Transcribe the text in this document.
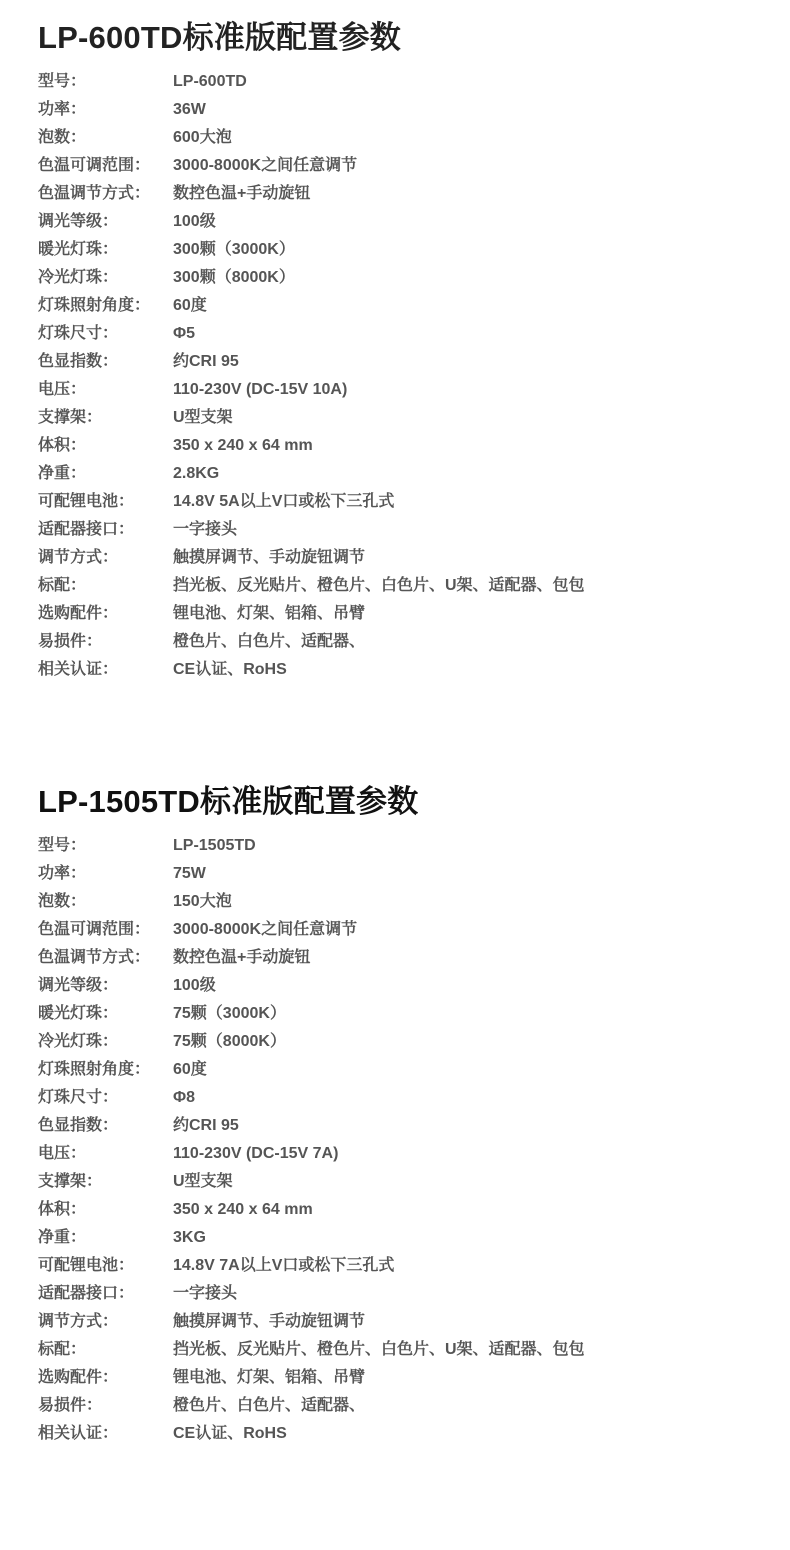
LP-600TD标准版配置参数
型号：	LP-600TD
功率：	36W
泡数：	600大泡
色温可调范围：	3000-8000K之间任意调节
色温调节方式：	数控色温+手动旋钮
调光等级：	100级
暖光灯珠：	300颗（3000K）
冷光灯珠：	300颗（8000K）
灯珠照射角度：	60度
灯珠尺寸：	Φ5
色显指数：	约CRI 95
电压：	110-230V (DC-15V 10A)
支撑架：	U型支架
体积：	350 x 240 x 64 mm
净重：	2.8KG
可配锂电池：	14.8V 5A以上V口或松下三孔式
适配器接口：	一字接头
调节方式：	触摸屏调节、手动旋钮调节
标配：	挡光板、反光贴片、橙色片、白色片、U架、适配器、包包
选购配件：	锂电池、灯架、铝箱、吊臂
易损件：	橙色片、白色片、适配器、
相关认证：	CE认证、RoHS
LP-1505TD标准版配置参数
型号：	LP-1505TD
功率：	75W
泡数：	150大泡
色温可调范围：	3000-8000K之间任意调节
色温调节方式：	数控色温+手动旋钮
调光等级：	100级
暖光灯珠：	75颗（3000K）
冷光灯珠：	75颗（8000K）
灯珠照射角度：	60度
灯珠尺寸：	Φ8
色显指数：	约CRI 95
电压：	110-230V (DC-15V 7A)
支撑架：	U型支架
体积：	350 x 240 x 64 mm
净重：	3KG
可配锂电池：	14.8V 7A以上V口或松下三孔式
适配器接口：	一字接头
调节方式：	触摸屏调节、手动旋钮调节
标配：	挡光板、反光贴片、橙色片、白色片、U架、适配器、包包
选购配件：	锂电池、灯架、铝箱、吊臂
易损件：	橙色片、白色片、适配器、
相关认证：	CE认证、RoHS
